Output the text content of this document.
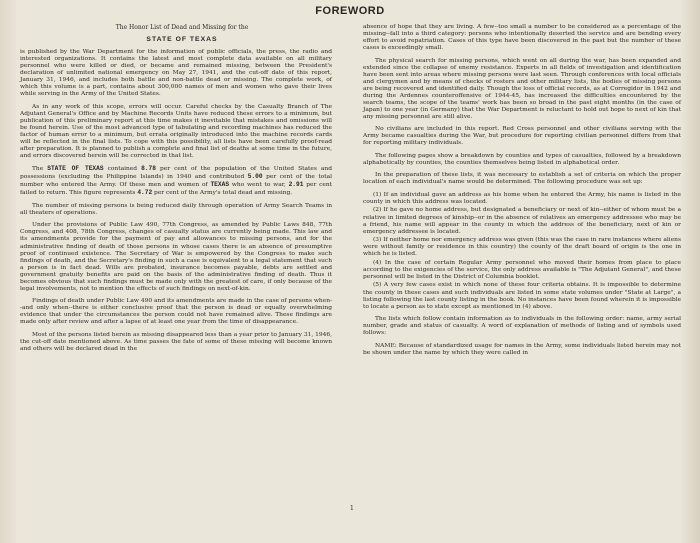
FOREWORD

The Honor List of Dead and Missing for the

STATE OF TEXAS

is published by the War Department for the information of public officials, the press, the radio and interested organizations. It contains the latest and most complete data available on all military personnel who were killed or died, or became and remained missing, between the President's declaration of unlimited national emergency on May 27, 1941, and the cut-off date of this report, January 31, 1946, and includes both battle and non-battle dead or missing. The complete work, of which this volume is a part, contains about 300,000 names of men and women who gave their lives while serving in the Army of the United States.

As in any work of this scope, errors will occur. Careful checks by the Casualty Branch of The Adjutant General's Office and by Machine Records Units have reduced these errors to a minimum, but publication of this preliminary report at this time makes it inevitable that mistakes and omissions will be found herein. Use of the most advanced type of tabulating and recording machines has reduced the factor of human error to a minimum, but errata originally introduced into the machine records cards will be reflected in the final lists. To cope with this possibility, all lists have been carefully proof-read after preparation. It is planned to publish a complete and final list of deaths at some time in the future, and errors discovered herein will be corrected in that list.

The STATE OF TEXAS contained 8.78 per cent of the population of the United States and possessions (excluding the Philippine Islands) in 1940 and contributed 5.00 per cent of the total number who entered the Army. Of these men and women of TEXAS who went to war, 2.91 per cent failed to return. This figure represents 4.72 per cent of the Army's total dead and missing.

The number of missing persons is being reduced daily through operation of Army Search Teams in all theaters of operations.

Under the provisions of Public Law 490, 77th Congress, as amended by Public Laws 848, 77th Congress, and 408, 78th Congress, changes of casualty status are currently being made. This law and its amendments provide for the payment of pay and allowances to missing persons, and for the administrative finding of death of those persons in whose cases there is an absence of presumptive proof of continued existence. The Secretary of War is empowered by the Congress to make such findings of death, and the Secretary's finding in such a case is equivalent to a legal statement that such a person is in fact dead. Wills are probated, insurance becomes payable, debts are settled and government gratuity benefits are paid on the basis of the administrative finding of death. Thus it becomes obvious that such findings must be made only with the greatest of care, if only because of the legal involvements, not to mention the effects of such findings on next-of-kin.

Findings of death under Public Law 490 and its amendments are made in the case of persons when--and only when--there is either conclusive proof that the person is dead or equally overwhelming evidence that under the circumstances the person could not have remained alive. These findings are made only after review and after a lapse of at least one year from the time of disappearance.

Most of the persons listed herein as missing disappeared less than a year prior to January 31, 1946, the cut-off date mentioned above. As time passes the fate of some of these missing will become known and others will be declared dead in the

absence of hope that they are living. A few--too small a number to be considered as a percentage of the missing--fall into a third category: persons who intentionally deserted the service and are bending every effort to avoid repatriation. Cases of this type have been discovered in the past but the number of these cases is exceedingly small.

The physical search for missing persons, which went on all during the war, has been expanded and extended since the collapse of enemy resistance. Experts in all fields of investigation and identification have been sent into areas where missing persons were last seen. Through conferences with local officials and clergymen and by means of checks of rosters and other military lists, the bodies of missing persons are being recovered and identified daily. Though the loss of official records, as at Corregidor in 1942 and during the Ardennes counteroffensive of 1944-45, has increased the difficulties encountered by the search teams, the scope of the teams' work has been so broad in the past eight months (in the case of Japan) to one year (in Germany) that the War Department is reluctant to hold out hope to next of kin that any missing personnel are still alive.

No civilians are included in this report. Red Cross personnel and other civilians serving with the Army became casualties during the War, but procedure for reporting civilian personnel differs from that for reporting military individuals.

The following pages show a breakdown by counties and types of casualties, followed by a breakdown alphabetically by counties, the counties themselves being listed in alphabetical order.

In the preparation of these lists, it was necessary to establish a set of criteria on which the proper location of each individual's name would be determined. The following procedure was set up:

(1) If an individual gave an address as his home when he entered the Army, his name is listed in the county in which this address was located.

(2) If he gave no home address, but designated a beneficiary or next of kin--either of whom must be a relative in limited degrees of kinship--or in the absence of relatives an emergency addressee who may be a friend, his name will appear in the county in which the address of the beneficiary, next of kin or emergency addressee is located.

(3) If neither home nor emergency address was given (this was the case in rare instances where aliens were without family or residence in this country) the county of the draft board of origin is the one in which he is listed.

(4) In the case of certain Regular Army personnel who moved their homes from place to place according to the exigencies of the service, the only address available is "The Adjutant General", and these personnel will be listed in the District of Columbia booklet.

(5) A very few cases exist in which none of these four criteria obtains. It is impossible to determine the county in these cases and such individuals are listed in some state volumes under "State at Large", a listing following the last county listing in the book. No instances have been found wherein it is impossible to locate a person as to state except as mentioned in (4) above.

The lists which follow contain information as to individuals in the following order: name, army serial number, grade and status of casualty. A word of explanation of methods of listing and of symbols used follows:

NAME: Because of standardized usage for names in the Army, some individuals listed herein may not be shown under the name by which they were called in

1
